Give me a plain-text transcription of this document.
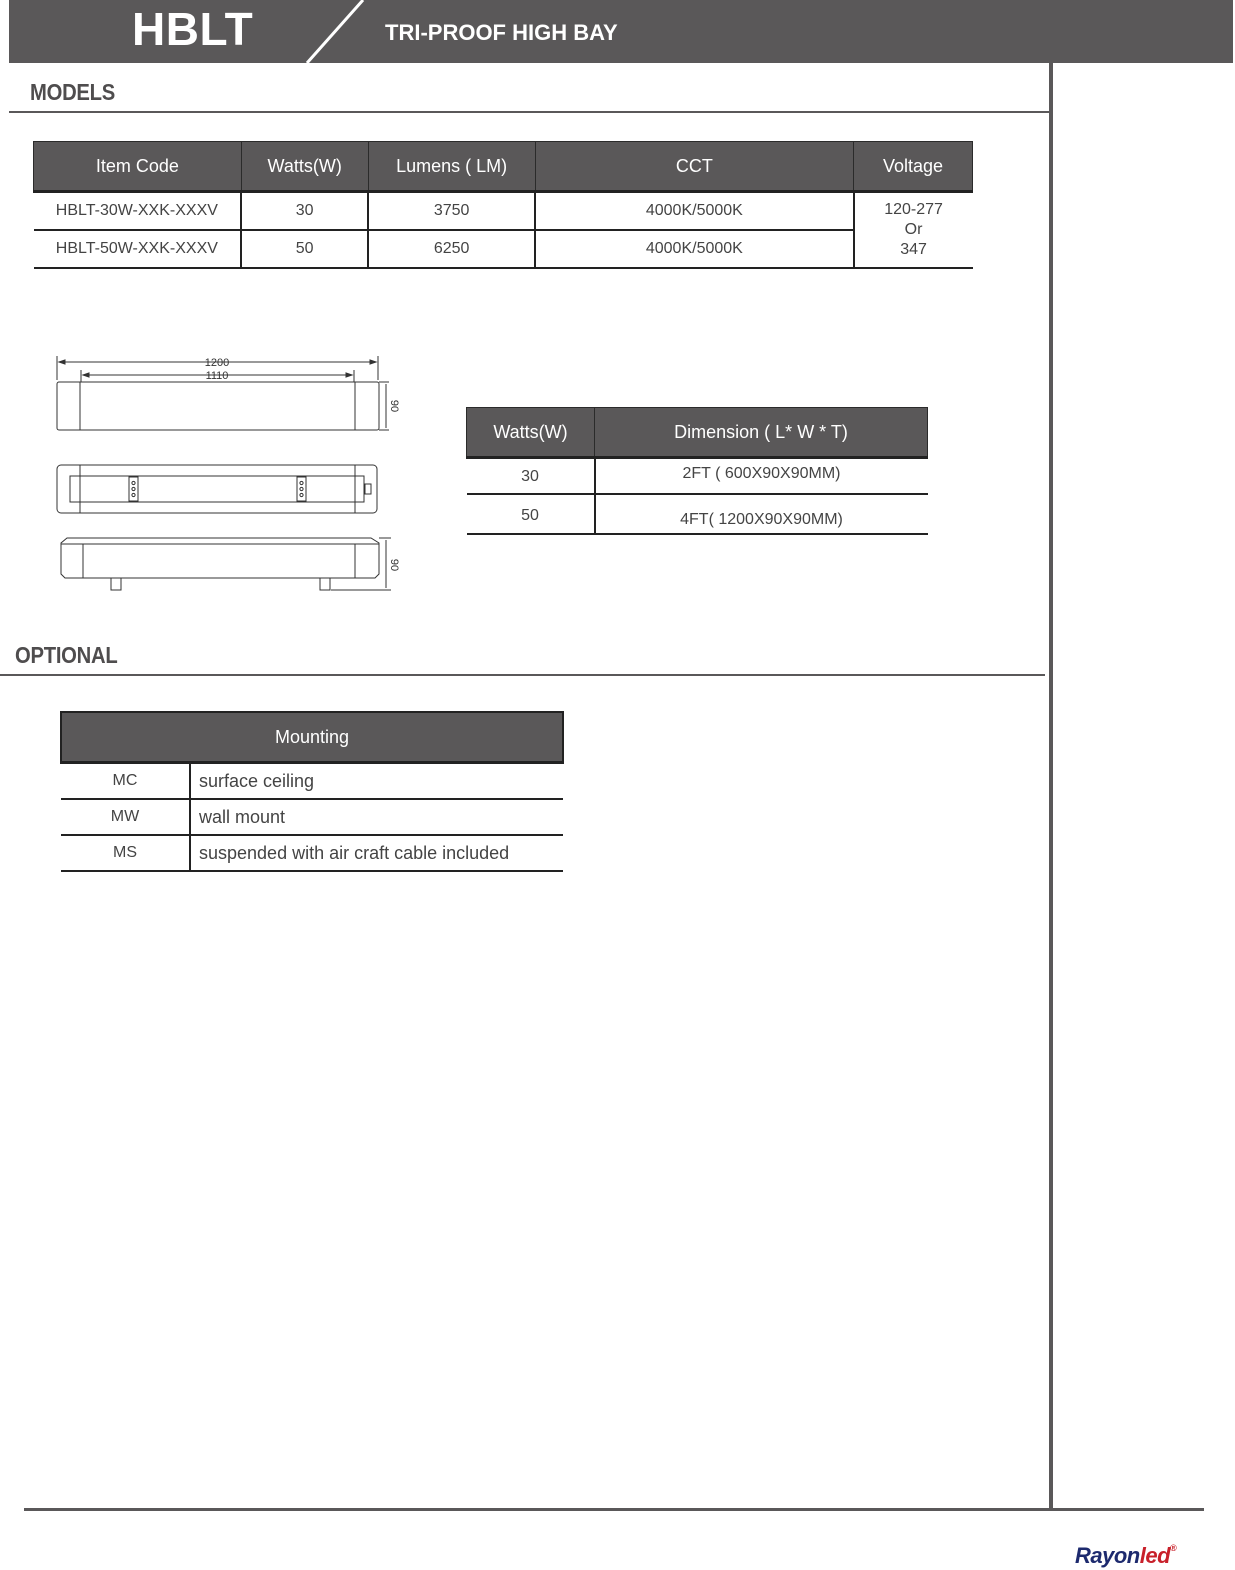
HBLT	TRI-PROOF HIGH BAY
MODELS
Item Code	Watts(W)	Lumens ( LM)	CCT	Voltage
HBLT-30W-XXK-XXXV	30	3750	4000K/5000K	120-277
Or
347

HBLT-50W-XXK-XXXV	50	6250	4000K/5000K	
1200
1110
90
90
Watts(W)	Dimension ( L* W * T)
30	2FT ( 600X90X90MM)
50	4FT( 1200X90X90MM)
OPTIONAL
Mounting	
MC	surface ceiling
MW	wall mount
MS	suspended with air craft cable included
Rayonled®
